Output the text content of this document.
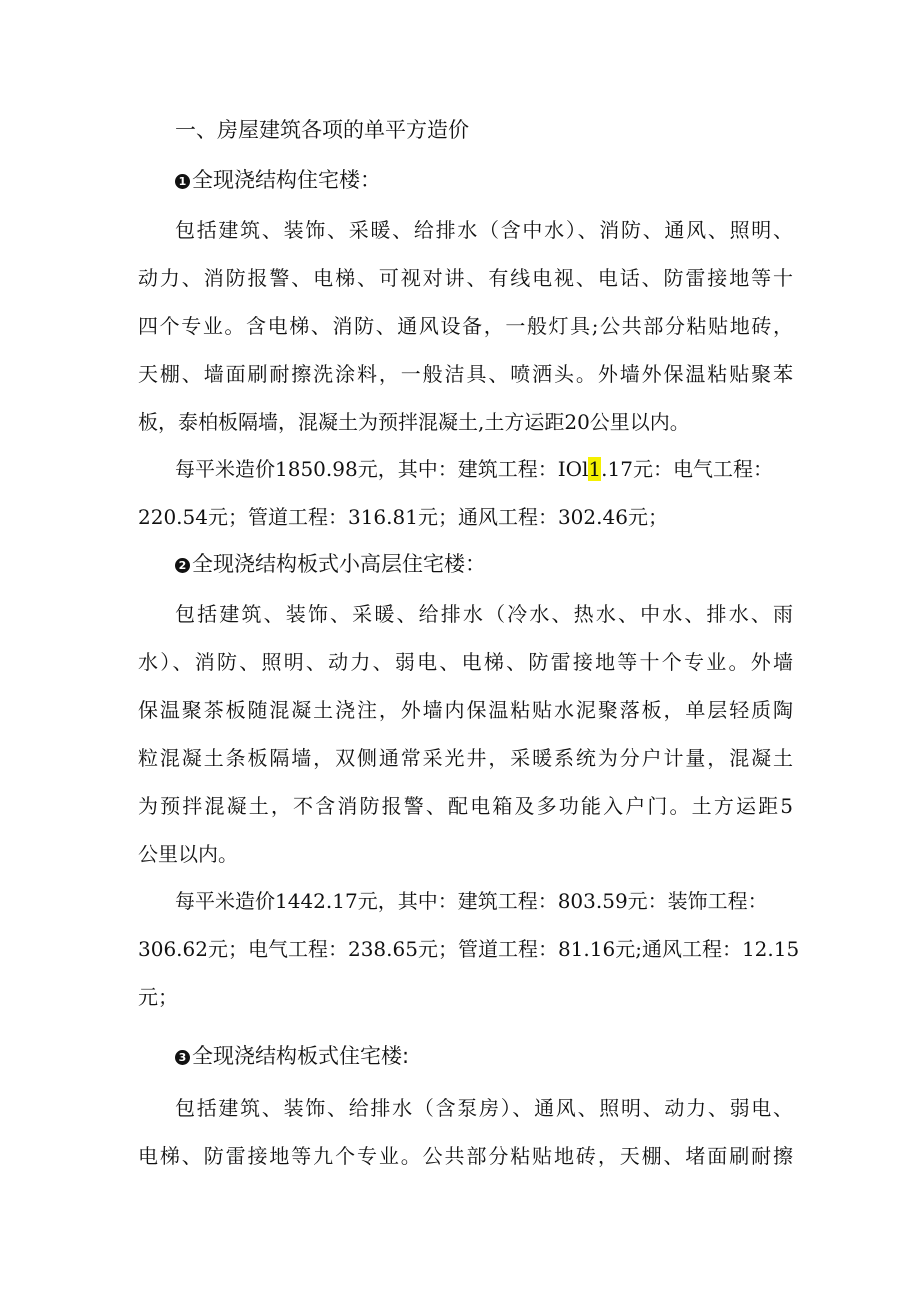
一、房屋建筑各项的单平方造价
1 全现浇结构住宅楼：

包括建筑、装饰、采暖、给排水（含中水）、消防、通风、照明、
动力、消防报警、电梯、可视对讲、有线电视、电话、防雷接地等十
四个专业。含电梯、消防、通风设备，一般灯具;公共部分粘贴地砖，
天棚、墙面刷耐擦洗涂料，一般洁具、喷洒头。外墙外保温粘贴聚苯
板，泰柏板隔墙，混凝土为预拌混凝土,土方运距20公里以内。

每平米造价1850.98元，其中：建筑工程：IOl1.17元：电气工程：
220.54元；管道工程：316.81元；通风工程：302.46元；

2 全现浇结构板式小高层住宅楼：

包括建筑、装饰、采暖、给排水（冷水、热水、中水、排水、雨
水）、消防、照明、动力、弱电、电梯、防雷接地等十个专业。外墙
保温聚茶板随混凝土浇注，外墙内保温粘贴水泥聚落板，单层轻质陶
粒混凝土条板隔墙，双侧通常采光井，采暖系统为分户计量，混凝土
为预拌混凝土，不含消防报警、配电箱及多功能入户门。土方运距5
公里以内。

每平米造价1442.17元，其中：建筑工程：803.59元：装饰工程：
306.62元；电气工程：238.65元；管道工程：81.16元;通风工程：12.15
元；

3 全现浇结构板式住宅楼:

包括建筑、装饰、给排水（含泵房）、通风、照明、动力、弱电、
电梯、防雷接地等九个专业。公共部分粘贴地砖，天棚、堵面刷耐擦
